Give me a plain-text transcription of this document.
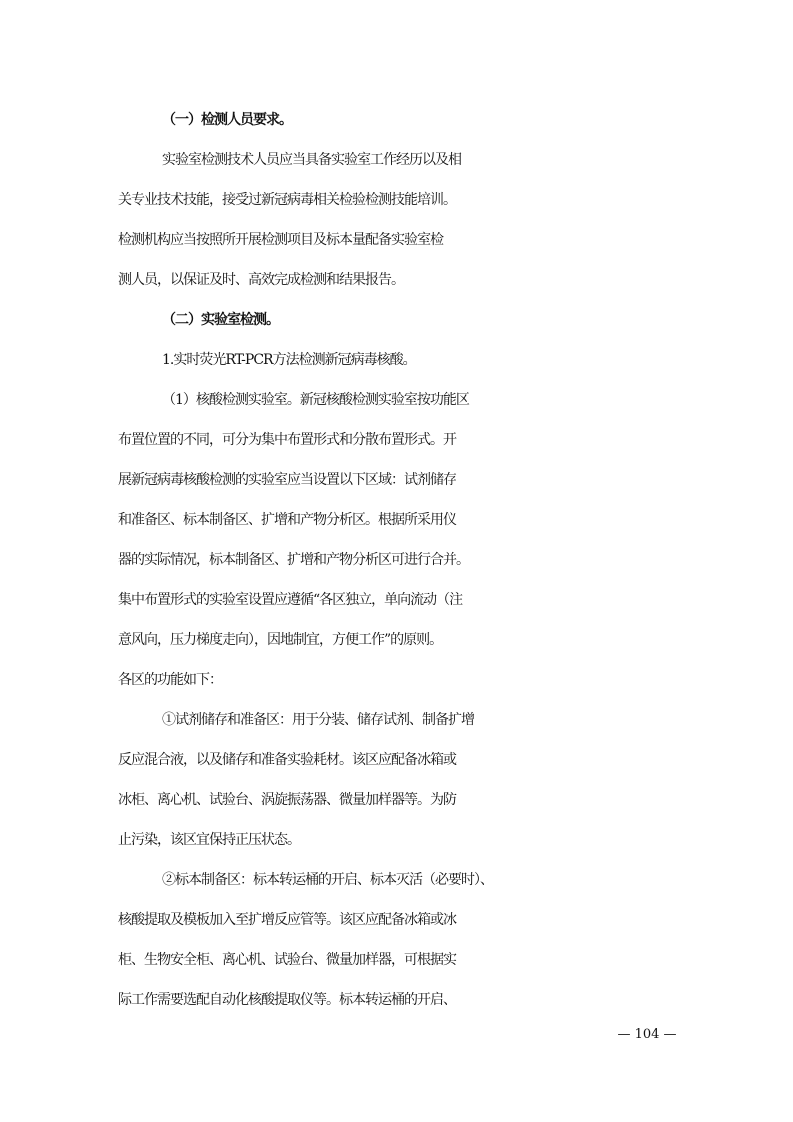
（一）检测人员要求。
实验室检测技术人员应当具备实验室工作经历以及相
关专业技术技能，接受过新冠病毒相关检验检测技能培训。
检测机构应当按照所开展检测项目及标本量配备实验室检
测人员，以保证及时、高效完成检测和结果报告。
（二）实验室检测。
1.实时荧光RT-PCR方法检测新冠病毒核酸。
（1）核酸检测实验室。新冠核酸检测实验室按功能区
布置位置的不同，可分为集中布置形式和分散布置形式。开
展新冠病毒核酸检测的实验室应当设置以下区域：试剂储存
和准备区、标本制备区、扩增和产物分析区。根据所采用仪
器的实际情况，标本制备区、扩增和产物分析区可进行合并。
集中布置形式的实验室设置应遵循“各区独立，单向流动（注
意风向，压力梯度走向），因地制宜，方便工作”的原则。
各区的功能如下：
①试剂储存和准备区：用于分装、储存试剂、制备扩增
反应混合液，以及储存和准备实验耗材。该区应配备冰箱或
冰柜、离心机、试验台、涡旋振荡器、微量加样器等。为防
止污染，该区宜保持正压状态。
②标本制备区：标本转运桶的开启、标本灭活（必要时）、
核酸提取及模板加入至扩增反应管等。该区应配备冰箱或冰
柜、生物安全柜、离心机、试验台、微量加样器，可根据实
际工作需要选配自动化核酸提取仪等。标本转运桶的开启、
— 104 —
